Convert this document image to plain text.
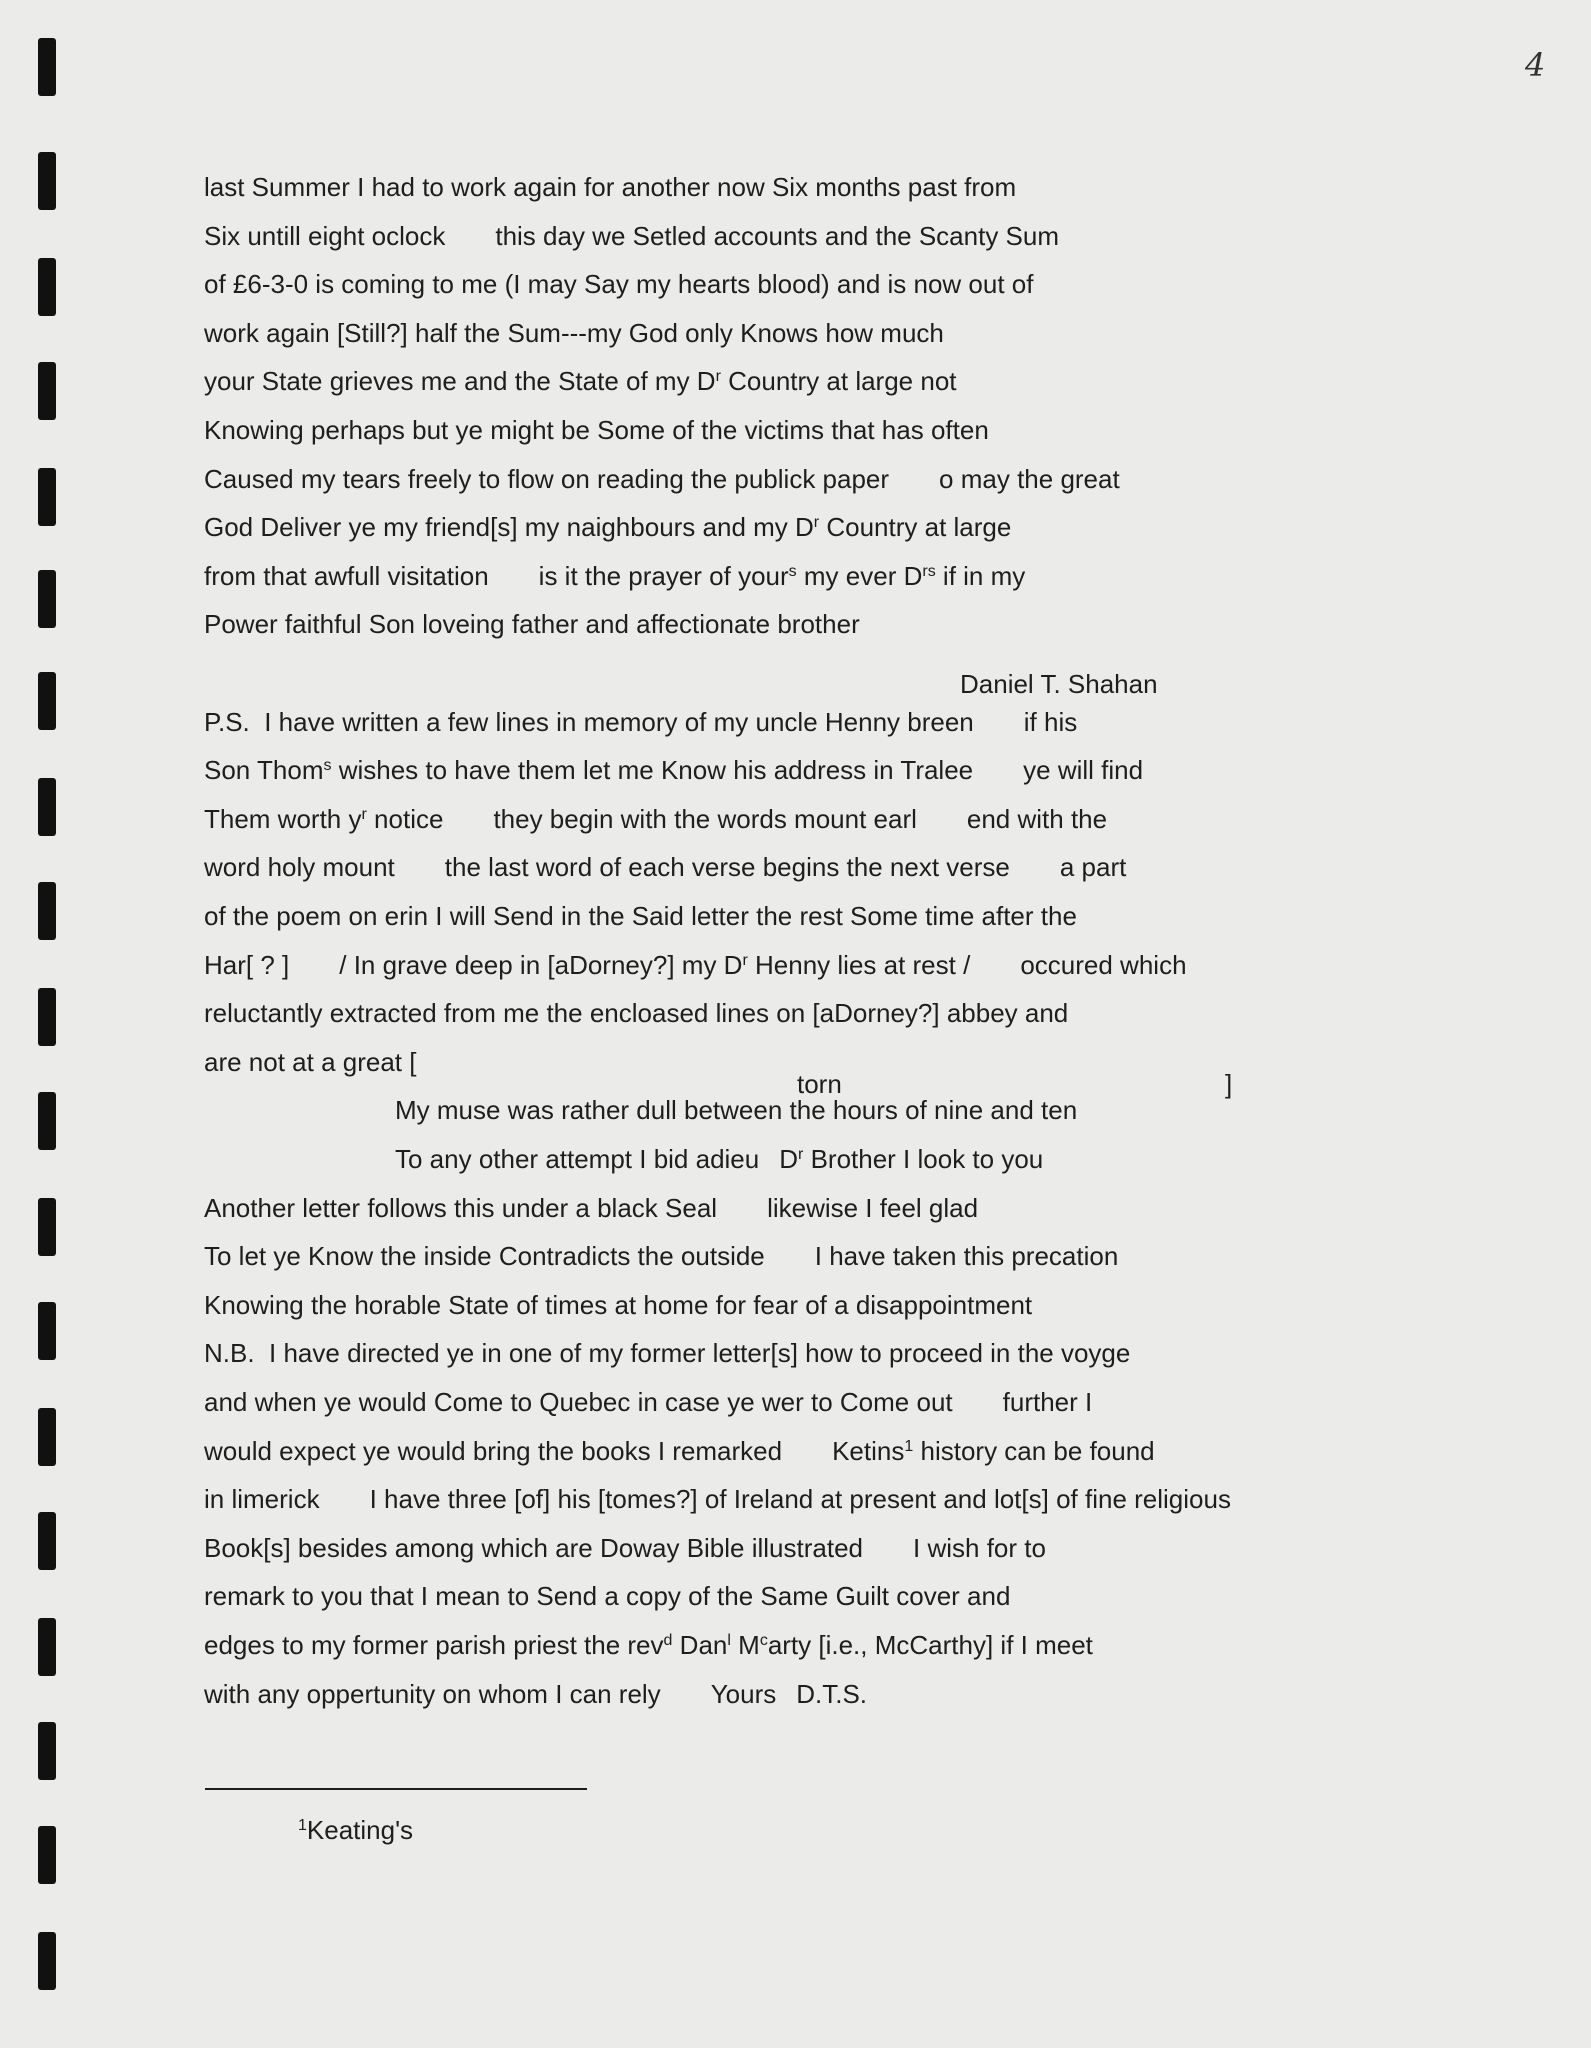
4
last Summer I had to work again for another now Six months past from
Six untill eight oclock this day we Setled accounts and the Scanty Sum
of £6-3-0 is coming to me (I may Say my hearts blood) and is now out of
work again [Still?] half the Sum---my God only Knows how much
your State grieves me and the State of my $D^r$ Country at large not
Knowing perhaps but ye might be Some of the victims that has often
Caused my tears freely to flow on reading the publick paper o may the great
God Deliver ye my friend[s] my naighbours and my $D^r$ Country at large
from that awfull visitation is it the prayer of your$^s$ my ever $D^{rs}$ if in my
Power faithful Son loveing father and affectionate brother
P.S.  I have written a few lines in memory of my uncle Henny breen if his
Son Thom$^s$ wishes to have them let me Know his address in Tralee ye will find
Them worth $y^r$ notice they begin with the words mount earl end with the
word holy mount the last word of each verse begins the next verse a part
of the poem on erin I will Send in the Said letter the rest Some time after the
Har[ ? ] / In grave deep in [aDorney?] my $D^r$ Henny lies at rest / occured which
reluctantly extracted from me the encloased lines on [aDorney?] abbey and
are not at a great [
My muse was rather dull between the hours of nine and ten
To any other attempt I bid adieu $D^r$ Brother I look to you
Another letter follows this under a black Seal likewise I feel glad
To let ye Know the inside Contradicts the outside I have taken this precation
Knowing the horable State of times at home for fear of a disappointment
N.B.  I have directed ye in one of my former letter[s] how to proceed in the voyge
and when ye would Come to Quebec in case ye wer to Come out further I
would expect ye would bring the books I remarked Ketins$^1$ history can be found
in limerick I have three [of] his [tomes?] of Ireland at present and lot[s] of fine religious
Book[s] besides among which are Doway Bible illustrated I wish for to
remark to you that I mean to Send a copy of the Same Guilt cover and
edges to my former parish priest the rev$^d$ Dan$^l$ $M^carty$ [i.e., McCarthy] if I meet
with any oppertunity on whom I can rely Yours D.T.S.
Daniel T. Shahan
torn	]
$^1$Keating's
